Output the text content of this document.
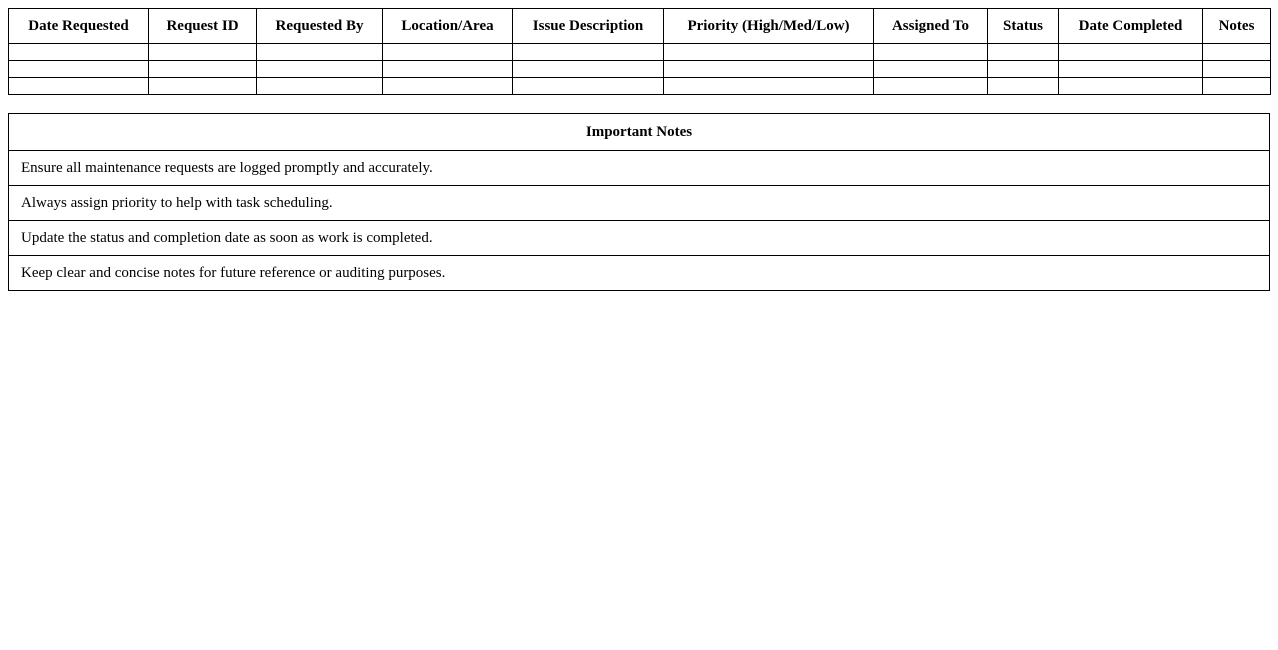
Date Requested	Request ID	Requested By	Location/Area	Issue Description	Priority (High/Med/Low)	Assigned To	Status	Date Completed	Notes

Important Notes
Ensure all maintenance requests are logged promptly and accurately.
Always assign priority to help with task scheduling.
Update the status and completion date as soon as work is completed.
Keep clear and concise notes for future reference or auditing purposes.
